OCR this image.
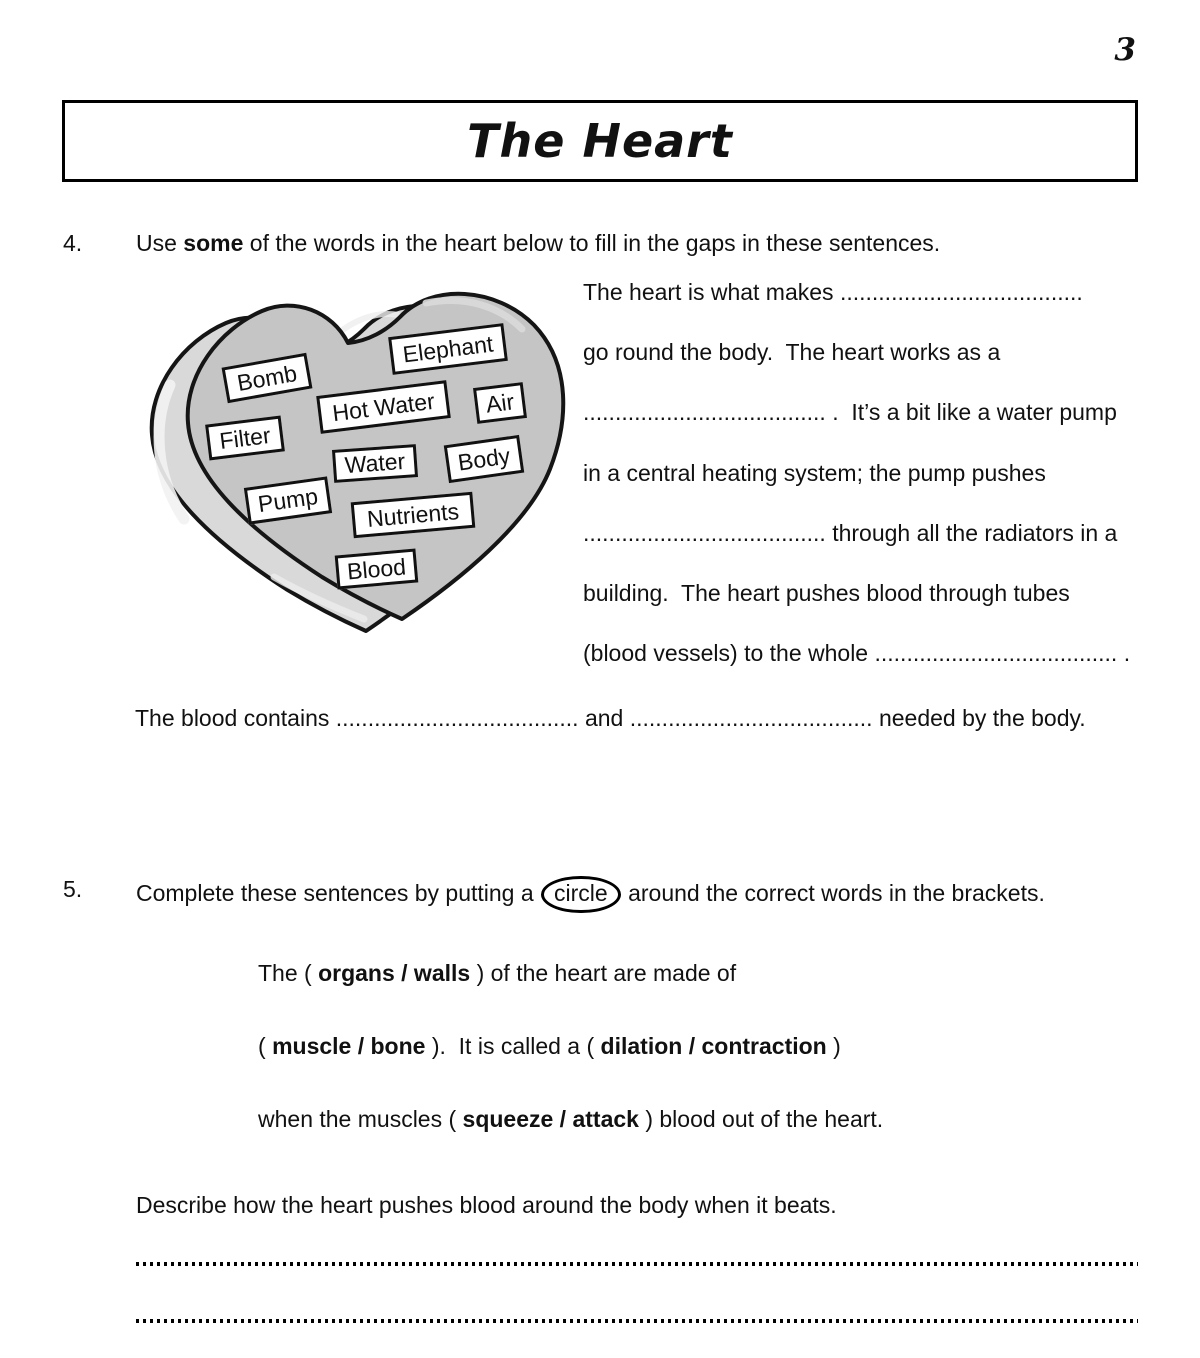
3
The Heart
4. Use some of the words in the heart below to fill in the gaps in these sentences.
Bomb
Elephant
Hot Water Air
Filter
Water Body
Pump Nutrients
Blood
The heart is what makes ......................................
go round the body.  The heart works as a
...................................... .  It’s a bit like a water pump
in a central heating system; the pump pushes
...................................... through all the radiators in a
building.  The heart pushes blood through tubes
(blood vessels) to the whole ...................................... .
The blood contains ...................................... and ...................................... needed by the body.
5. Complete these sentences by putting a circle around the correct words in the brackets.
The ( organs / walls ) of the heart are made of
( muscle / bone ).  It is called a ( dilation / contraction )
when the muscles ( squeeze / attack ) blood out of the heart.
Describe how the heart pushes blood around the body when it beats.
